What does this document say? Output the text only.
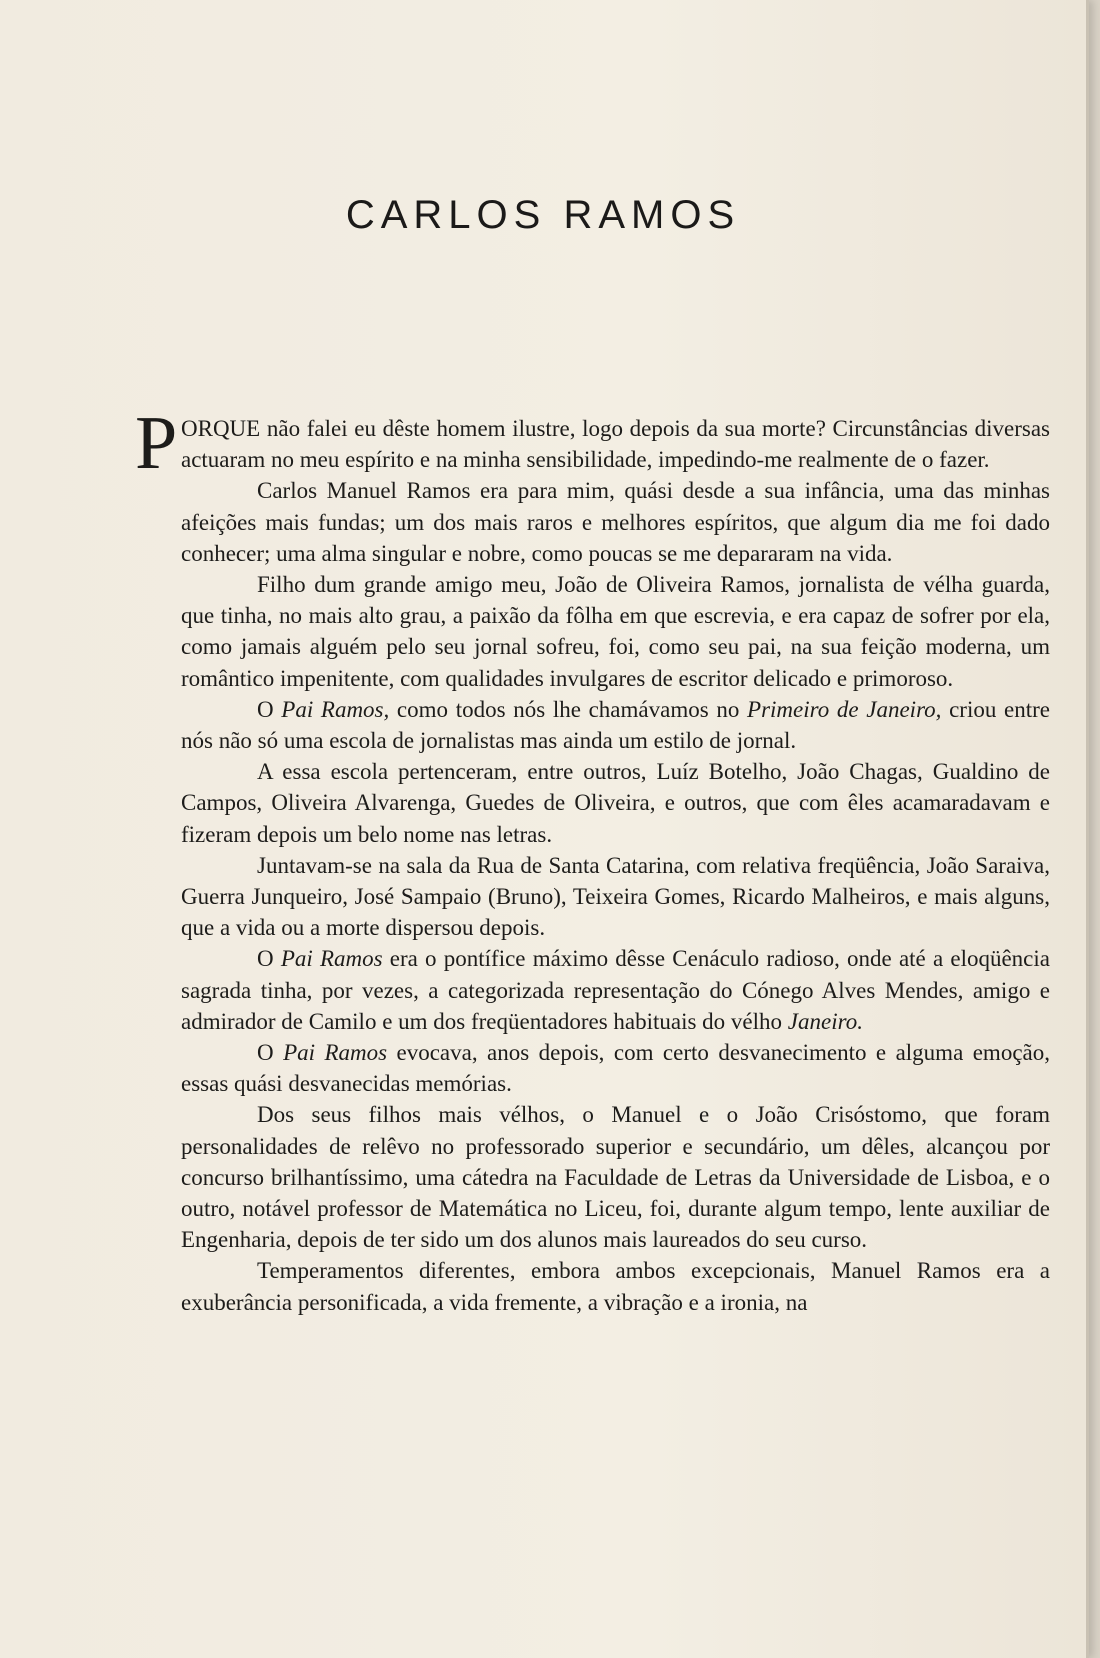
CARLOS RAMOS
P ORQUE não falei eu dêste homem ilustre, logo depois da sua morte? Circunstâncias diversas actuaram no meu espírito e na minha sensibilidade, impedindo-me realmente de o fazer.

Carlos Manuel Ramos era para mim, quási desde a sua infância, uma das minhas afeições mais fundas; um dos mais raros e melhores espíritos, que algum dia me foi dado conhecer; uma alma singular e nobre, como poucas se me depararam na vida.

Filho dum grande amigo meu, João de Oliveira Ramos, jornalista de vélha guarda, que tinha, no mais alto grau, a paixão da fôlha em que escrevia, e era capaz de sofrer por ela, como jamais alguém pelo seu jornal sofreu, foi, como seu pai, na sua feição moderna, um romântico impenitente, com qualidades invulgares de escritor delicado e primoroso.

O Pai Ramos, como todos nós lhe chamávamos no Primeiro de Janeiro, criou entre nós não só uma escola de jornalistas mas ainda um estilo de jornal.

A essa escola pertenceram, entre outros, Luíz Botelho, João Chagas, Gualdino de Campos, Oliveira Alvarenga, Guedes de Oliveira, e outros, que com êles acamaradavam e fizeram depois um belo nome nas letras.

Juntavam-se na sala da Rua de Santa Catarina, com relativa freqüência, João Saraiva, Guerra Junqueiro, José Sampaio (Bruno), Teixeira Gomes, Ricardo Malheiros, e mais alguns, que a vida ou a morte dispersou depois.

O Pai Ramos era o pontífice máximo dêsse Cenáculo radioso, onde até a eloqüência sagrada tinha, por vezes, a categorizada representação do Cónego Alves Mendes, amigo e admirador de Camilo e um dos freqüentadores habituais do vélho Janeiro.

O Pai Ramos evocava, anos depois, com certo desvanecimento e alguma emoção, essas quási desvanecidas memórias.

Dos seus filhos mais vélhos, o Manuel e o João Crisóstomo, que foram personalidades de relêvo no professorado superior e secundário, um dêles, alcançou por concurso brilhantíssimo, uma cátedra na Faculdade de Letras da Universidade de Lisboa, e o outro, notável professor de Matemática no Liceu, foi, durante algum tempo, lente auxiliar de Engenharia, depois de ter sido um dos alunos mais laureados do seu curso.

Temperamentos diferentes, embora ambos excepcionais, Manuel Ramos era a exuberância personificada, a vida fremente, a vibração e a ironia, na
